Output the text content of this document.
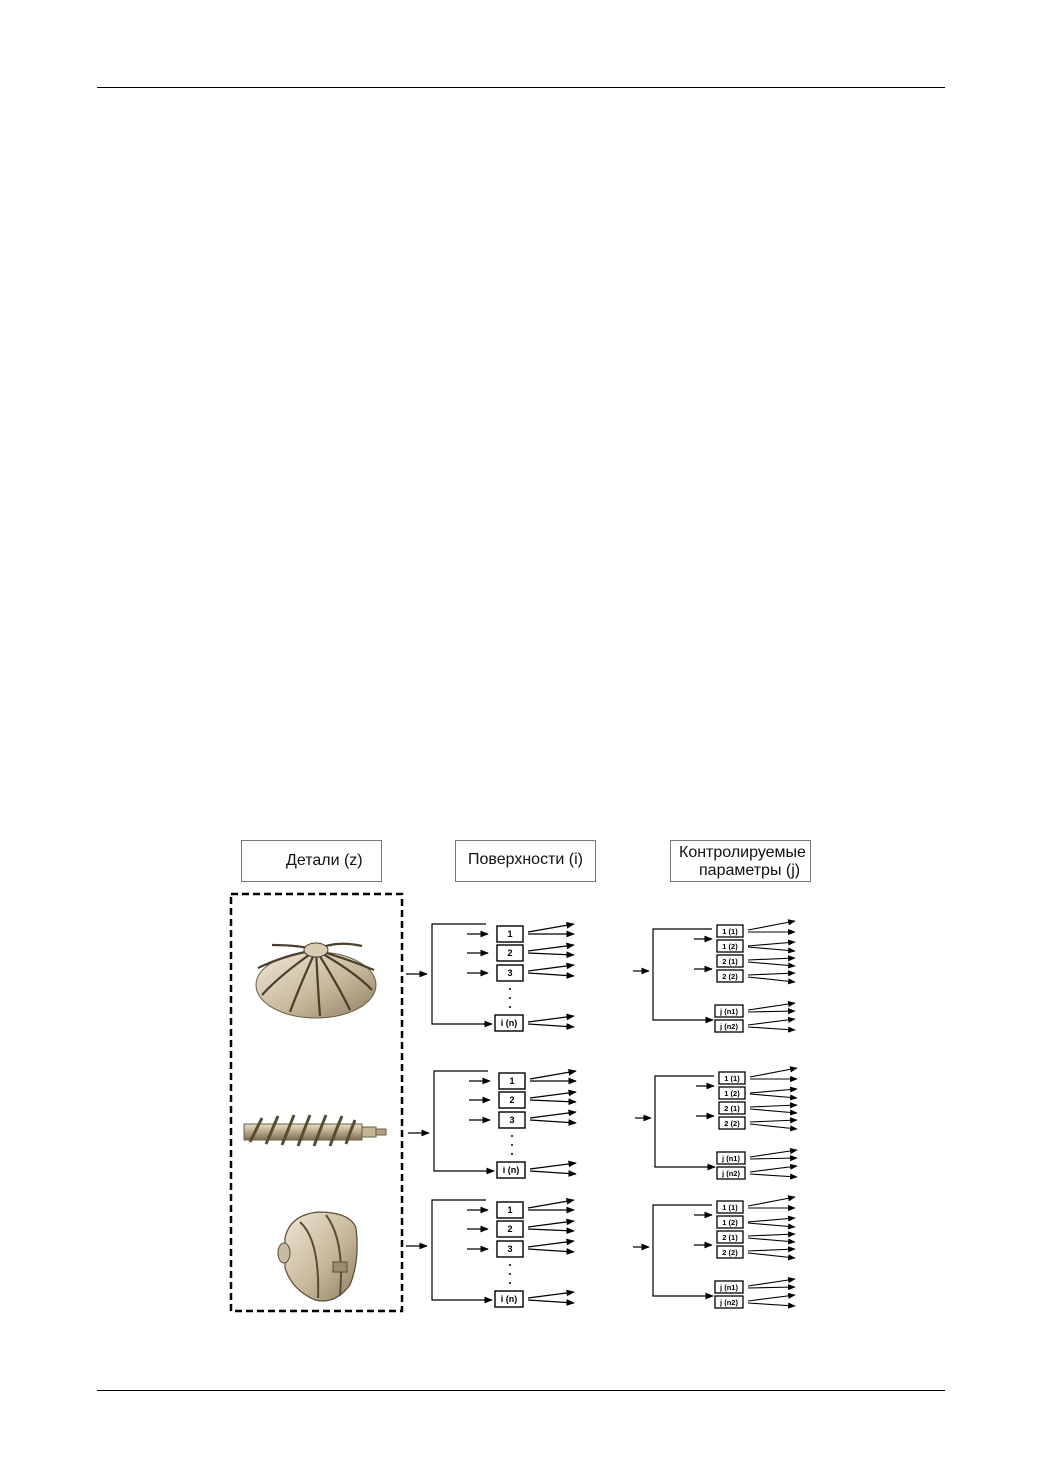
Детали (z)	Поверхности (i)	Контролируемые
параметры (j)
1
2
3
i (n)
1 (1)
1 (2)
2 (1)
2 (2)
j (n1)
j (n2)
1
2
3
i (n)
1 (1)
1 (2)
2 (1)
2 (2)
j (n1)
j (n2)
1
2
3
i (n)
1 (1)
1 (2)
2 (1)
2 (2)
j (n1)
j (n2)
